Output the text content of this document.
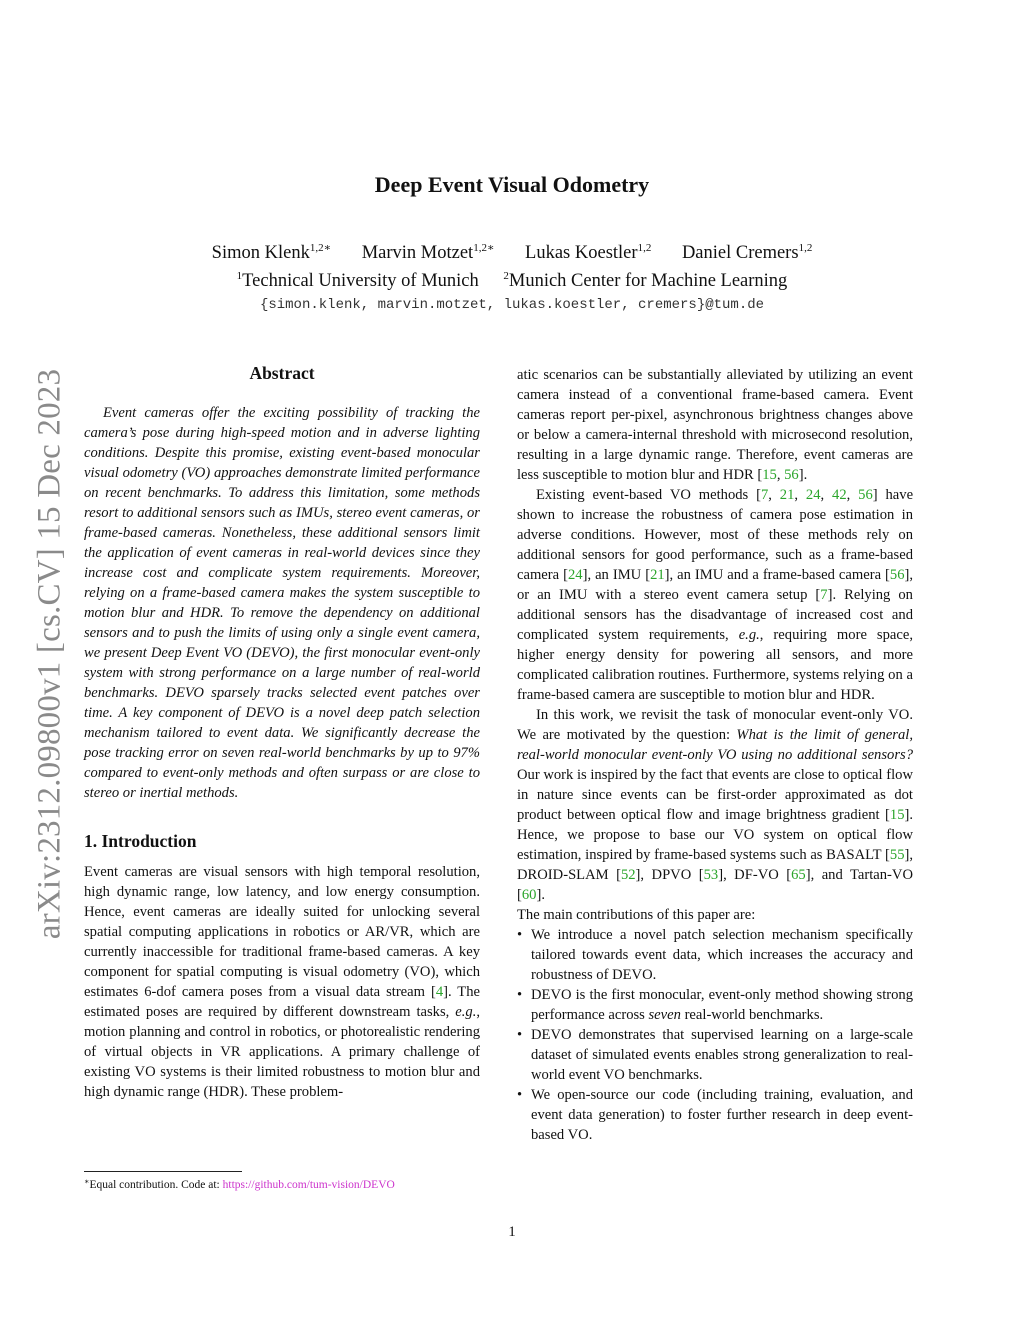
arXiv:2312.09800v1 [cs.CV] 15 Dec 2023
Deep Event Visual Odometry
Simon Klenk$^{1,2∗}$ Marvin Motzet$^{1,2∗}$ Lukas Koestler$^{1,2}$ Daniel Cremers$^{1,2}$
$^1$Technical University of Munich $^2$Munich Center for Machine Learning
{simon.klenk, marvin.motzet, lukas.koestler, cremers}@tum.de
Abstract

Event cameras offer the exciting possibility of tracking the camera’s pose during high-speed motion and in adverse lighting conditions. Despite this promise, existing event-based monocular visual odometry (VO) approaches demonstrate limited performance on recent benchmarks. To address this limitation, some methods resort to additional sensors such as IMUs, stereo event cameras, or frame-based cameras. Nonetheless, these additional sensors limit the application of event cameras in real-world devices since they increase cost and complicate system requirements. Moreover, relying on a frame-based camera makes the system susceptible to motion blur and HDR. To remove the dependency on additional sensors and to push the limits of using only a single event camera, we present Deep Event VO (DEVO), the first monocular event-only system with strong performance on a large number of real-world benchmarks. DEVO sparsely tracks selected event patches over time. A key component of DEVO is a novel deep patch selection mechanism tailored to event data. We significantly decrease the pose tracking error on seven real-world benchmarks by up to 97% compared to event-only methods and often surpass or are close to stereo or inertial methods.

1. Introduction

Event cameras are visual sensors with high temporal resolution, high dynamic range, low latency, and low energy consumption. Hence, event cameras are ideally suited for unlocking several spatial computing applications in robotics or AR/VR, which are currently inaccessible for traditional frame-based cameras. A key component for spatial computing is visual odometry (VO), which estimates 6-dof camera poses from a visual data stream [4]. The estimated poses are required by different downstream tasks, e.g., motion planning and control in robotics, or photorealistic rendering of virtual objects in VR applications. A primary challenge of existing VO systems is their limited robustness to motion blur and high dynamic range (HDR). These problem-

∗Equal contribution. Code at: https://github.com/tum-vision/DEVO

atic scenarios can be substantially alleviated by utilizing an event camera instead of a conventional frame-based camera. Event cameras report per-pixel, asynchronous brightness changes above or below a camera-internal threshold with microsecond resolution, resulting in a large dynamic range. Therefore, event cameras are less susceptible to motion blur and HDR [15, 56].

Existing event-based VO methods [7, 21, 24, 42, 56] have shown to increase the robustness of camera pose estimation in adverse conditions. However, most of these methods rely on additional sensors for good performance, such as a frame-based camera [24], an IMU [21], an IMU and a frame-based camera [56], or an IMU with a stereo event camera setup [7]. Relying on additional sensors has the disadvantage of increased cost and complicated system requirements, e.g., requiring more space, higher energy density for powering all sensors, and more complicated calibration routines. Furthermore, systems relying on a frame-based camera are susceptible to motion blur and HDR.

In this work, we revisit the task of monocular event-only VO. We are motivated by the question: What is the limit of general, real-world monocular event-only VO using no additional sensors? Our work is inspired by the fact that events are close to optical flow in nature since events can be first-order approximated as dot product between optical flow and image brightness gradient [15]. Hence, we propose to base our VO system on optical flow estimation, inspired by frame-based systems such as BASALT [55], DROID-SLAM [52], DPVO [53], DF-VO [65], and Tartan-VO [60].

The main contributions of this paper are:

• We introduce a novel patch selection mechanism specifically tailored towards event data, which increases the accuracy and robustness of DEVO.
• DEVO is the first monocular, event-only method showing strong performance across seven real-world benchmarks.
• DEVO demonstrates that supervised learning on a large-scale dataset of simulated events enables strong generalization to real-world event VO benchmarks.
• We open-source our code (including training, evaluation, and event data generation) to foster further research in deep event-based VO.
1
